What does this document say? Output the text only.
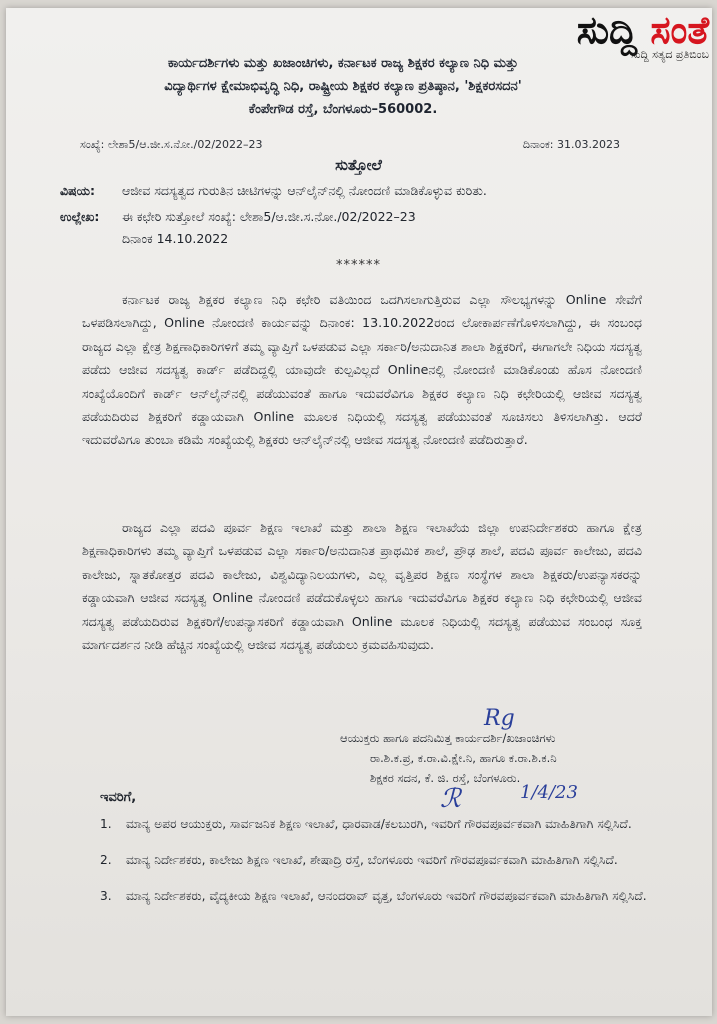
ಸುದ್ದಿ ಸಂತೆ
ಸುದ್ದಿ ಸತ್ಯದ ಪ್ರತಿಬಿಂಬ
ಕಾರ್ಯದರ್ಶಿಗಳು ಮತ್ತು ಖಜಾಂಚಿಗಳು, ಕರ್ನಾಟಕ ರಾಜ್ಯ ಶಿಕ್ಷಕರ ಕಲ್ಯಾಣ ನಿಧಿ ಮತ್ತು
ವಿದ್ಯಾರ್ಥಿಗಳ ಕ್ಷೇಮಾಭಿವೃದ್ಧಿ ನಿಧಿ, ರಾಷ್ಟ್ರೀಯ ಶಿಕ್ಷಕರ ಕಲ್ಯಾಣ ಪ್ರತಿಷ್ಠಾನ, 'ಶಿಕ್ಷಕರಸದನ'
ಕೆಂಪೇಗೌಡ ರಸ್ತೆ, ಬೆಂಗಳೂರು–560002.
ಸಂಖ್ಯೆ: ಲೇಶಾ5/ಆ.ಜೀ.ಸ.ನೋ./02/2022–23	ದಿನಾಂಕ: 31.03.2023
ಸುತ್ತೋಲೆ
ವಿಷಯ:	ಆಜೀವ ಸದಸ್ಯತ್ವದ ಗುರುತಿನ ಚೀಟಿಗಳನ್ನು ಆನ್‌ಲೈನ್‌ನಲ್ಲಿ ನೋಂದಣಿ ಮಾಡಿಕೊಳ್ಳುವ ಕುರಿತು.
ಉಲ್ಲೇಖ:	ಈ ಕಛೇರಿ ಸುತ್ತೋಲೆ ಸಂಖ್ಯೆ: ಲೇಶಾ5/ಆ.ಜೀ.ಸ.ನೋ./02/2022–23
ದಿನಾಂಕ 14.10.2022
******
ಕರ್ನಾಟಕ ರಾಜ್ಯ ಶಿಕ್ಷಕರ ಕಲ್ಯಾಣ ನಿಧಿ ಕಛೇರಿ ವತಿಯಿಂದ ಒದಗಿಸಲಾಗುತ್ತಿರುವ ಎಲ್ಲಾ ಸೌಲಭ್ಯಗಳನ್ನು Online ಸೇವೆಗೆ ಒಳಪಡಿಸಲಾಗಿದ್ದು, Online ನೋಂದಣಿ ಕಾರ್ಯವನ್ನು ದಿನಾಂಕ: 13.10.2022ರಂದ ಲೋಕಾರ್ಪಣೆಗೊಳಿಸಲಾಗಿದ್ದು, ಈ ಸಂಬಂಧ ರಾಜ್ಯದ ಎಲ್ಲಾ ಕ್ಷೇತ್ರ ಶಿಕ್ಷಣಾಧಿಕಾರಿಗಳಿಗೆ ತಮ್ಮ ವ್ಯಾಪ್ತಿಗೆ ಒಳಪಡುವ ಎಲ್ಲಾ ಸರ್ಕಾರಿ/ಅನುದಾನಿತ ಶಾಲಾ ಶಿಕ್ಷಕರಿಗೆ, ಈಗಾಗಲೇ ನಿಧಿಯ ಸದಸ್ಯತ್ವ ಪಡೆದು ಆಜೀವ ಸದಸ್ಯತ್ವ ಕಾರ್ಡ್ ಪಡೆದಿದ್ದಲ್ಲಿ ಯಾವುದೇ ಕುಲ್ಪವಿಲ್ಲದೆ Onlineನಲ್ಲಿ ನೋಂದಣಿ ಮಾಡಿಕೊಂಡು ಹೊಸ ನೋಂದಣಿ ಸಂಖ್ಯೆಯೊಂದಿಗೆ ಕಾರ್ಡ್ ಆನ್‌ಲೈನ್‌ನಲ್ಲಿ ಪಡೆಯುವಂತೆ ಹಾಗೂ ಇದುವರೆವಿಗೂ ಶಿಕ್ಷಕರ ಕಲ್ಯಾಣ ನಿಧಿ ಕಛೇರಿಯಲ್ಲಿ ಆಜೀವ ಸದಸ್ಯತ್ವ ಪಡೆಯದಿರುವ ಶಿಕ್ಷಕರಿಗೆ ಕಡ್ಡಾಯವಾಗಿ Online ಮೂಲಕ ನಿಧಿಯಲ್ಲಿ ಸದಸ್ಯತ್ವ ಪಡೆಯುವಂತೆ ಸೂಚಿಸಲು ತಿಳಿಸಲಾಗಿತ್ತು. ಆದರೆ ಇದುವರೆವಿಗೂ ತುಂಬಾ ಕಡಿಮೆ ಸಂಖ್ಯೆಯಲ್ಲಿ ಶಿಕ್ಷಕರು ಆನ್‌ಲೈನ್‌ನಲ್ಲಿ ಆಜೀವ ಸದಸ್ಯತ್ವ ನೋಂದಣಿ ಪಡೆದಿರುತ್ತಾರೆ.
ರಾಜ್ಯದ ಎಲ್ಲಾ ಪದವಿ ಪೂರ್ವ ಶಿಕ್ಷಣ ಇಲಾಖೆ ಮತ್ತು ಶಾಲಾ ಶಿಕ್ಷಣ ಇಲಾಖೆಯ ಜಿಲ್ಲಾ ಉಪನಿರ್ದೇಶಕರು ಹಾಗೂ ಕ್ಷೇತ್ರ ಶಿಕ್ಷಣಾಧಿಕಾರಿಗಳು ತಮ್ಮ ವ್ಯಾಪ್ತಿಗೆ ಒಳಪಡುವ ಎಲ್ಲಾ ಸರ್ಕಾರಿ/ಅನುದಾನಿತ ಪ್ರಾಥಮಿಕ ಶಾಲೆ, ಪ್ರೌಢ ಶಾಲೆ, ಪದವಿ ಪೂರ್ವ ಕಾಲೇಜು, ಪದವಿ ಕಾಲೇಜು, ಸ್ನಾತಕೋತ್ತರ ಪದವಿ ಕಾಲೇಜು, ವಿಶ್ವವಿದ್ಯಾನಿಲಯಗಳು, ಎಲ್ಲ ವೃತ್ತಿಪರ ಶಿಕ್ಷಣ ಸಂಸ್ಥೆಗಳ ಶಾಲಾ ಶಿಕ್ಷಕರು/ಉಪನ್ಯಾಸಕರನ್ನು ಕಡ್ಡಾಯವಾಗಿ ಆಜೀವ ಸದಸ್ಯತ್ವ Online ನೋಂದಣಿ ಪಡೆದುಕೊಳ್ಳಲು ಹಾಗೂ ಇದುವರೆವಿಗೂ ಶಿಕ್ಷಕರ ಕಲ್ಯಾಣ ನಿಧಿ ಕಛೇರಿಯಲ್ಲಿ ಆಜೀವ ಸದಸ್ಯತ್ವ ಪಡೆಯದಿರುವ ಶಿಕ್ಷಕರಿಗೆ/ಉಪನ್ಯಾಸಕರಿಗೆ ಕಡ್ಡಾಯವಾಗಿ Online ಮೂಲಕ ನಿಧಿಯಲ್ಲಿ ಸದಸ್ಯತ್ವ ಪಡೆಯುವ ಸಂಬಂಧ ಸೂಕ್ತ ಮಾರ್ಗದರ್ಶನ ನೀಡಿ ಹೆಚ್ಚಿನ ಸಂಖ್ಯೆಯಲ್ಲಿ ಆಜೀವ ಸದಸ್ಯತ್ವ ಪಡೆಯಲು ಕ್ರಮವಹಿಸುವುದು.
Rg
ಆಯುಕ್ತರು ಹಾಗೂ ಪದನಿಮಿತ್ತ ಕಾರ್ಯದರ್ಶಿ/ಖಜಾಂಚಿಗಳು
ರಾ.ಶಿ.ಕ.ಪ್ರ, ಕ.ರಾ.ವಿ.ಕ್ಷೇ.ನಿ, ಹಾಗೂ ಕ.ರಾ.ಶಿ.ಕ.ನಿ
ಶಿಕ್ಷಕರ ಸದನ, ಕೆ. ಜಿ. ರಸ್ತೆ, ಬೆಂಗಳೂರು.
ℛ	1/4/23
ಇವರಿಗೆ,
1.	ಮಾನ್ಯ ಅಪರ ಆಯುಕ್ತರು, ಸಾರ್ವಜನಿಕ ಶಿಕ್ಷಣ ಇಲಾಖೆ, ಧಾರವಾಡ/ಕಲಬುರಗಿ, ಇವರಿಗೆ ಗೌರವಪೂರ್ವಕವಾಗಿ ಮಾಹಿತಿಗಾಗಿ ಸಲ್ಲಿಸಿದೆ.
2.	ಮಾನ್ಯ ನಿರ್ದೇಶಕರು, ಕಾಲೇಜು ಶಿಕ್ಷಣ ಇಲಾಖೆ, ಶೇಷಾದ್ರಿ ರಸ್ತೆ, ಬೆಂಗಳೂರು ಇವರಿಗೆ ಗೌರವಪೂರ್ವಕವಾಗಿ ಮಾಹಿತಿಗಾಗಿ ಸಲ್ಲಿಸಿದೆ.
3.	ಮಾನ್ಯ ನಿರ್ದೇಶಕರು, ವೈದ್ಯಕೀಯ ಶಿಕ್ಷಣ ಇಲಾಖೆ, ಆನಂದರಾವ್ ವೃತ್ತ, ಬೆಂಗಳೂರು ಇವರಿಗೆ ಗೌರವಪೂರ್ವಕವಾಗಿ ಮಾಹಿತಿಗಾಗಿ ಸಲ್ಲಿಸಿದೆ.
